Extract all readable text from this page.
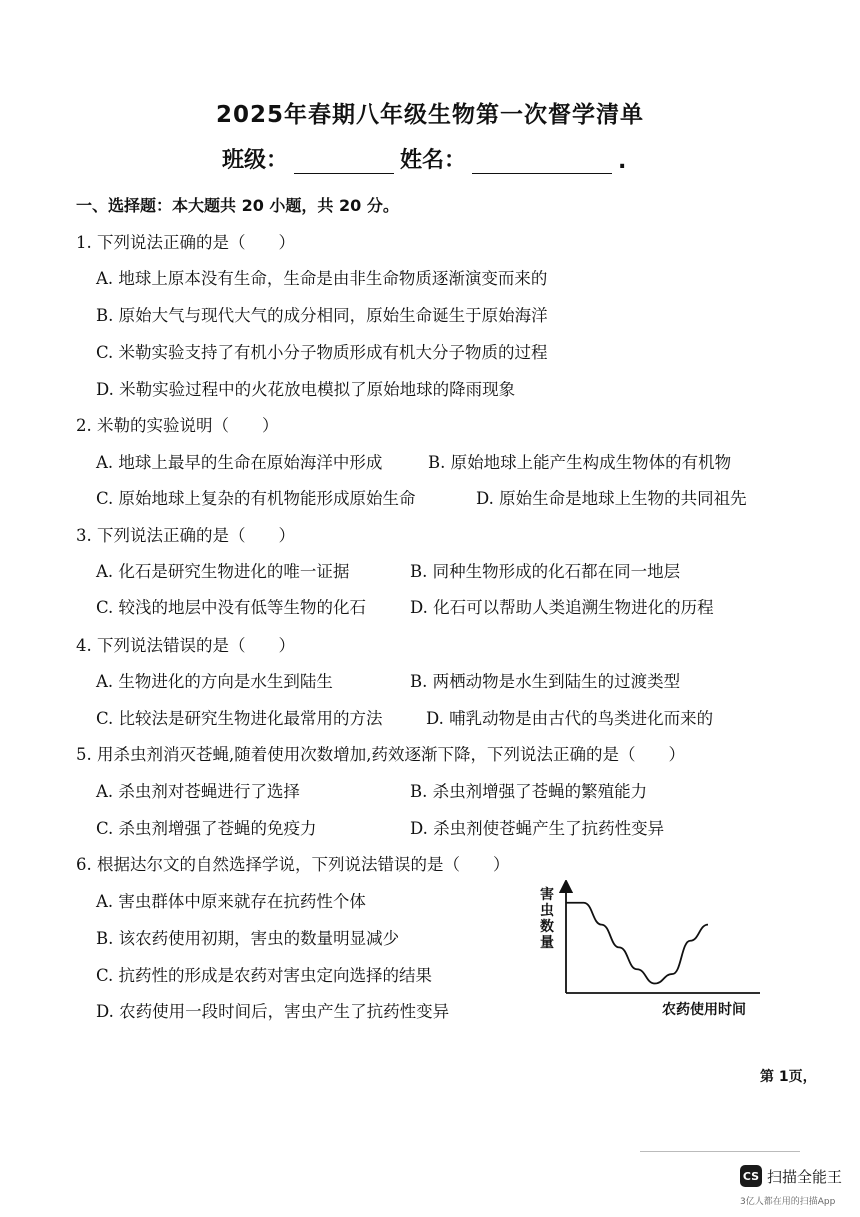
2025年春期八年级生物第一次督学清单
班级：	姓名：	.
一、选择题：本大题共 20 小题，共 20 分。
1. 下列说法正确的是（　　）
A. 地球上原本没有生命，生命是由非生命物质逐渐演变而来的
B. 原始大气与现代大气的成分相同，原始生命诞生于原始海洋
C. 米勒实验支持了有机小分子物质形成有机大分子物质的过程
D. 米勒实验过程中的火花放电模拟了原始地球的降雨现象
2. 米勒的实验说明（　　）
A. 地球上最早的生命在原始海洋中形成	B. 原始地球上能产生构成生物体的有机物
C. 原始地球上复杂的有机物能形成原始生命	D. 原始生命是地球上生物的共同祖先
3. 下列说法正确的是（　　）
A. 化石是研究生物进化的唯一证据	B. 同种生物形成的化石都在同一地层
C. 较浅的地层中没有低等生物的化石	D. 化石可以帮助人类追溯生物进化的历程
4. 下列说法错误的是（　　）
A. 生物进化的方向是水生到陆生	B. 两栖动物是水生到陆生的过渡类型
C. 比较法是研究生物进化最常用的方法	D. 哺乳动物是由古代的鸟类进化而来的
5. 用杀虫剂消灭苍蝇,随着使用次数增加,药效逐渐下降，下列说法正确的是（　　）
A. 杀虫剂对苍蝇进行了选择	B. 杀虫剂增强了苍蝇的繁殖能力
C. 杀虫剂增强了苍蝇的免疫力	D. 杀虫剂使苍蝇产生了抗药性变异
6. 根据达尔文的自然选择学说，下列说法错误的是（　　）
A. 害虫群体中原来就存在抗药性个体
B. 该农药使用初期，害虫的数量明显减少
C. 抗药性的形成是农药对害虫定向选择的结果
D. 农药使用一段时间后，害虫产生了抗药性变异
害虫数量
农药使用时间
第 1页，
CS 扫描全能王
3亿人都在用的扫描App
